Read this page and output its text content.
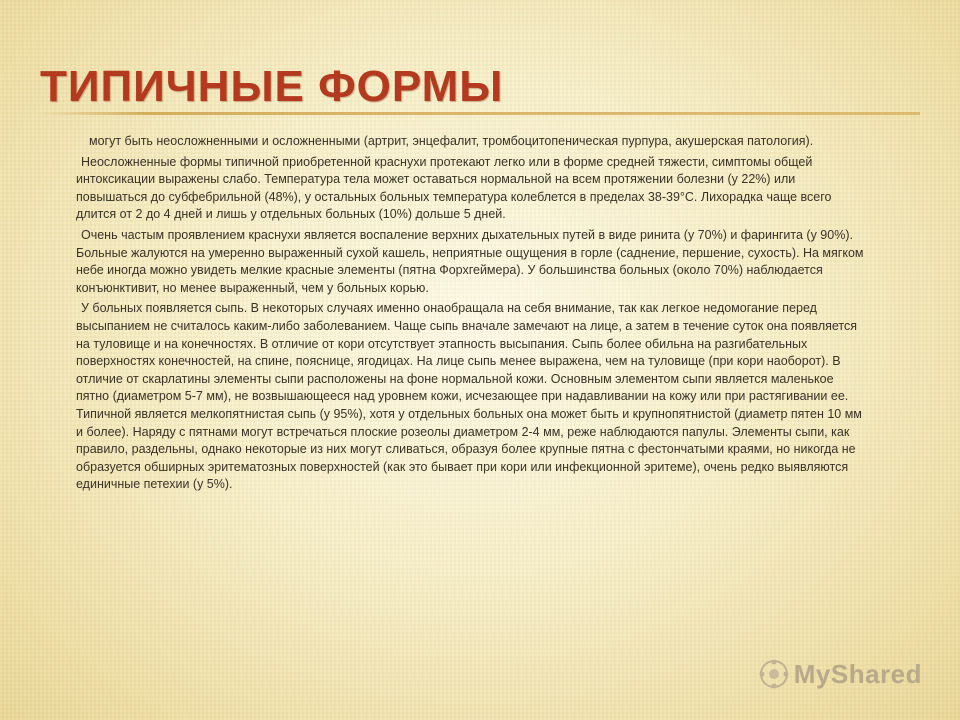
ТИПИЧНЫЕ ФОРМЫ

могут быть неосложненными и осложненными (артрит, энцефалит, тромбоцитопеническая пурпура, акушерская патология).

Неосложненные формы типичной приобретенной краснухи протекают легко или в форме средней тяжести, симптомы общей интоксикации выражены слабо. Температура тела может оставаться нормальной на всем протяжении болезни (у 22%) или повышаться до субфебрильной (48%), у остальных больных температура колеблется в пределах 38-39°С. Лихорадка чаще всего длится от 2 до 4 дней и лишь у отдельных больных (10%) дольше 5 дней.

Очень частым проявлением краснухи является воспаление верхних дыхательных путей в виде ринита (у 70%) и фарингита (у 90%). Больные жалуются на умеренно выраженный сухой кашель, неприятные ощущения в горле (саднение, першение, сухость). На мягком небе иногда можно увидеть мелкие красные элементы (пятна Форхгеймера). У большинства больных (около 70%) наблюдается конъюнктивит, но менее выраженный, чем у больных корью.

У больных появляется сыпь. В некоторых случаях именно онаобращала на себя внимание, так как легкое недомогание перед высыпанием не считалось каким-либо заболеванием. Чаще сыпь вначале замечают на лице, а затем в течение суток она появляется на туловище и на конечностях. В отличие от кори отсутствует этапность высыпания. Сыпь более обильна на разгибательных поверхностях конечностей, на спине, пояснице, ягодицах. На лице сыпь менее выражена, чем на туловище (при кори наоборот). В отличие от скарлатины элементы сыпи расположены на фоне нормальной кожи. Основным элементом сыпи является маленькое пятно (диаметром 5-7 мм), не возвышающееся над уровнем кожи, исчезающее при надавливании на кожу или при растягивании ее. Типичной является мелкопятнистая сыпь (у 95%), хотя у отдельных больных она может быть и крупнопятнистой (диаметр пятен 10 мм и более). Наряду с пятнами могут встречаться плоские розеолы диаметром 2-4 мм, реже наблюдаются папулы. Элементы сыпи, как правило, раздельны, однако некоторые из них могут сливаться, образуя более крупные пятна с фестончатыми краями, но никогда не образуется обширных эритематозных поверхностей (как это бывает при кори или инфекционной эритеме), очень редко выявляются единичные петехии (у 5%).

MyShared
